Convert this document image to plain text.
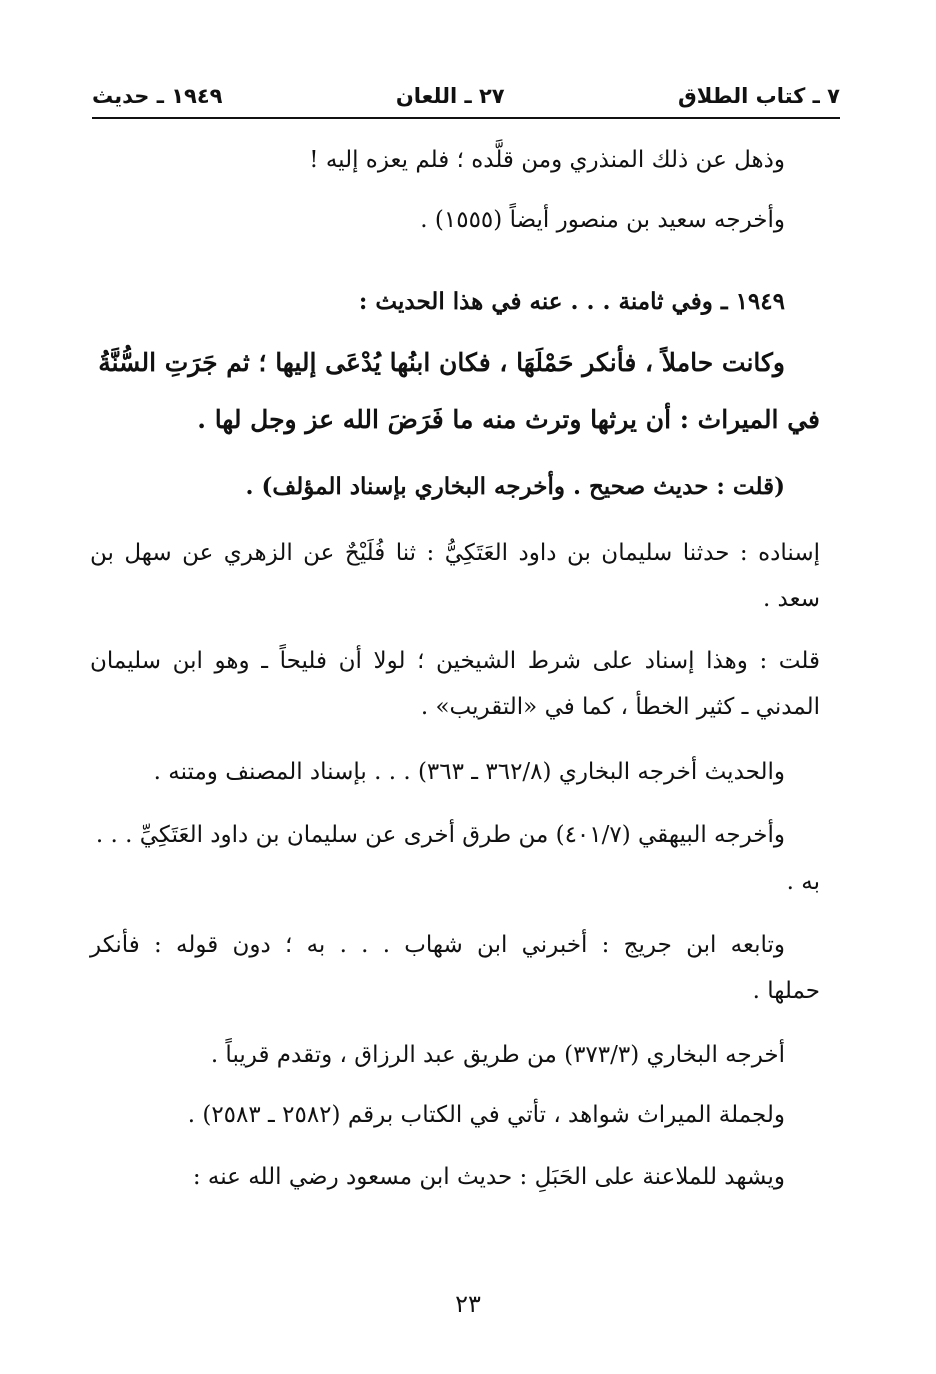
٧ ـ كتاب الطلاق
٢٧ ـ اللعان
١٩٤٩ ـ حديث
وذهل عن ذلك المنذري ومن قلَّده ؛ فلم يعزه إليه !
وأخرجه سعيد بن منصور أيضاً (١٥٥٥) .
١٩٤٩ ـ وفي ثامنة . . . عنه في هذا الحديث :
وكانت حاملاً ، فأنكر حَمْلَهَا ، فكان ابنُها يُدْعَى إليها ؛ ثم جَرَتِ السُّنَّةُ
في الميراث : أن يرثها وترث منه ما فَرَضَ الله عز وجل لها .
(قلت : حديث صحيح . وأخرجه البخاري بإسناد المؤلف) .
إسناده : حدثنا سليمان بن داود العَتَكِيُّ : ثنا فُلَيْحٌ عن الزهري عن سهل بن
سعد .
قلت : وهذا إسناد على شرط الشيخين ؛ لولا أن فليحاً ـ وهو ابن سليمان
المدني ـ كثير الخطأ ، كما في «التقريب» .
والحديث أخرجه البخاري (٣٦٢/٨ ـ ٣٦٣) . . . بإسناد المصنف ومتنه .
وأخرجه البيهقي (٤٠١/٧) من طرق أخرى عن سليمان بن داود العَتَكِيِّ . . .
به .
وتابعه ابن جريج : أخبرني ابن شهاب . . . به ؛ دون قوله : فأنكر
حملها .
أخرجه البخاري (٣٧٣/٣) من طريق عبد الرزاق ، وتقدم قريباً .
ولجملة الميراث شواهد ، تأتي في الكتاب برقم (٢٥٨٢ ـ ٢٥٨٣) .
ويشهد للملاعنة على الحَبَلِ : حديث ابن مسعود رضي الله عنه :
٢٣
